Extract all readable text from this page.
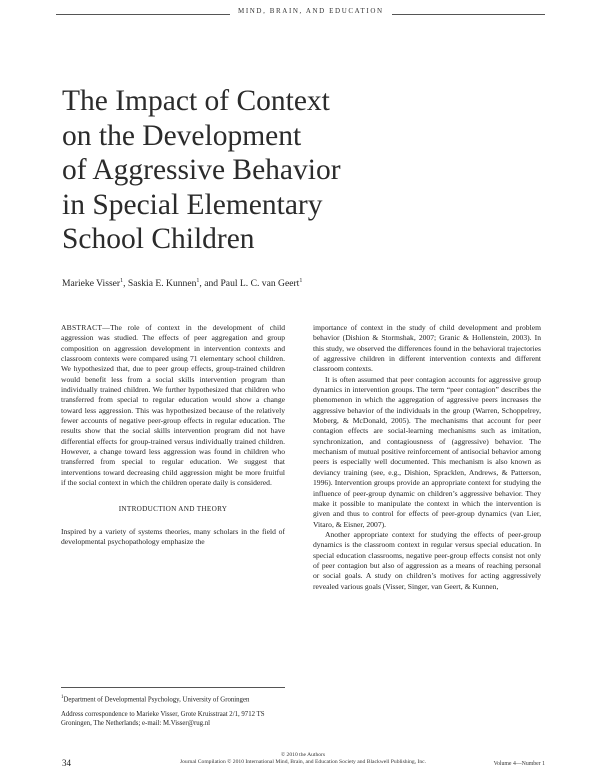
MIND, BRAIN, AND EDUCATION
The Impact of Context
on the Development
of Aggressive Behavior
in Special Elementary
School Children
Marieke Visser$^1$, Saskia E. Kunnen$^1$, and Paul L. C. van Geert$^1$

ABSTRACT—The role of context in the development of child aggression was studied. The effects of peer aggregation and group composition on aggression development in intervention contexts and classroom contexts were compared using 71 elementary school children. We hypothesized that, due to peer group effects, group-trained children would benefit less from a social skills intervention program than individually trained children. We further hypothesized that children who transferred from special to regular education would show a change toward less aggression. This was hypothesized because of the relatively fewer accounts of negative peer-group effects in regular education. The results show that the social skills intervention program did not have differential effects for group-trained versus individually trained children. However, a change toward less aggression was found in children who transferred from special to regular education. We suggest that interventions toward decreasing child aggression might be more fruitful if the social context in which the children operate daily is considered.

INTRODUCTION AND THEORY

Inspired by a variety of systems theories, many scholars in the field of developmental psychopathology emphasize the

importance of context in the study of child development and problem behavior (Dishion & Stormshak, 2007; Granic & Hollenstein, 2003). In this study, we observed the differences found in the behavioral trajectories of aggressive children in different intervention contexts and different classroom contexts.

It is often assumed that peer contagion accounts for aggressive group dynamics in intervention groups. The term “peer contagion” describes the phenomenon in which the aggregation of aggressive peers increases the aggressive behavior of the individuals in the group (Warren, Schoppelrey, Moberg, & McDonald, 2005). The mechanisms that account for peer contagion effects are social-learning mechanisms such as imitation, synchronization, and contagiousness of (aggressive) behavior. The mechanism of mutual positive reinforcement of antisocial behavior among peers is especially well documented. This mechanism is also known as deviancy training (see, e.g., Dishion, Spracklen, Andrews, & Patterson, 1996). Intervention groups provide an appropriate context for studying the influence of peer-group dynamic on children’s aggressive behavior. They make it possible to manipulate the context in which the intervention is given and thus to control for effects of peer-group dynamics (van Lier, Vitaro, & Eisner, 2007).

Another appropriate context for studying the effects of peer-group dynamics is the classroom context in regular versus special education. In special education classrooms, negative peer-group effects consist not only of peer contagion but also of aggression as a means of reaching personal or social goals. A study on children’s motives for acting aggressively revealed various goals (Visser, Singer, van Geert, & Kunnen,

$^1$Department of Developmental Psychology, University of Groningen

Address correspondence to Marieke Visser, Grote Kruisstraat 2/1, 9712 TS Groningen, The Netherlands; e-mail: M.Visser@rug.nl

34
© 2010 the Authors
Journal Compilation © 2010 International Mind, Brain, and Education Society and Blackwell Publishing, Inc.	Volume 4—Number 1
